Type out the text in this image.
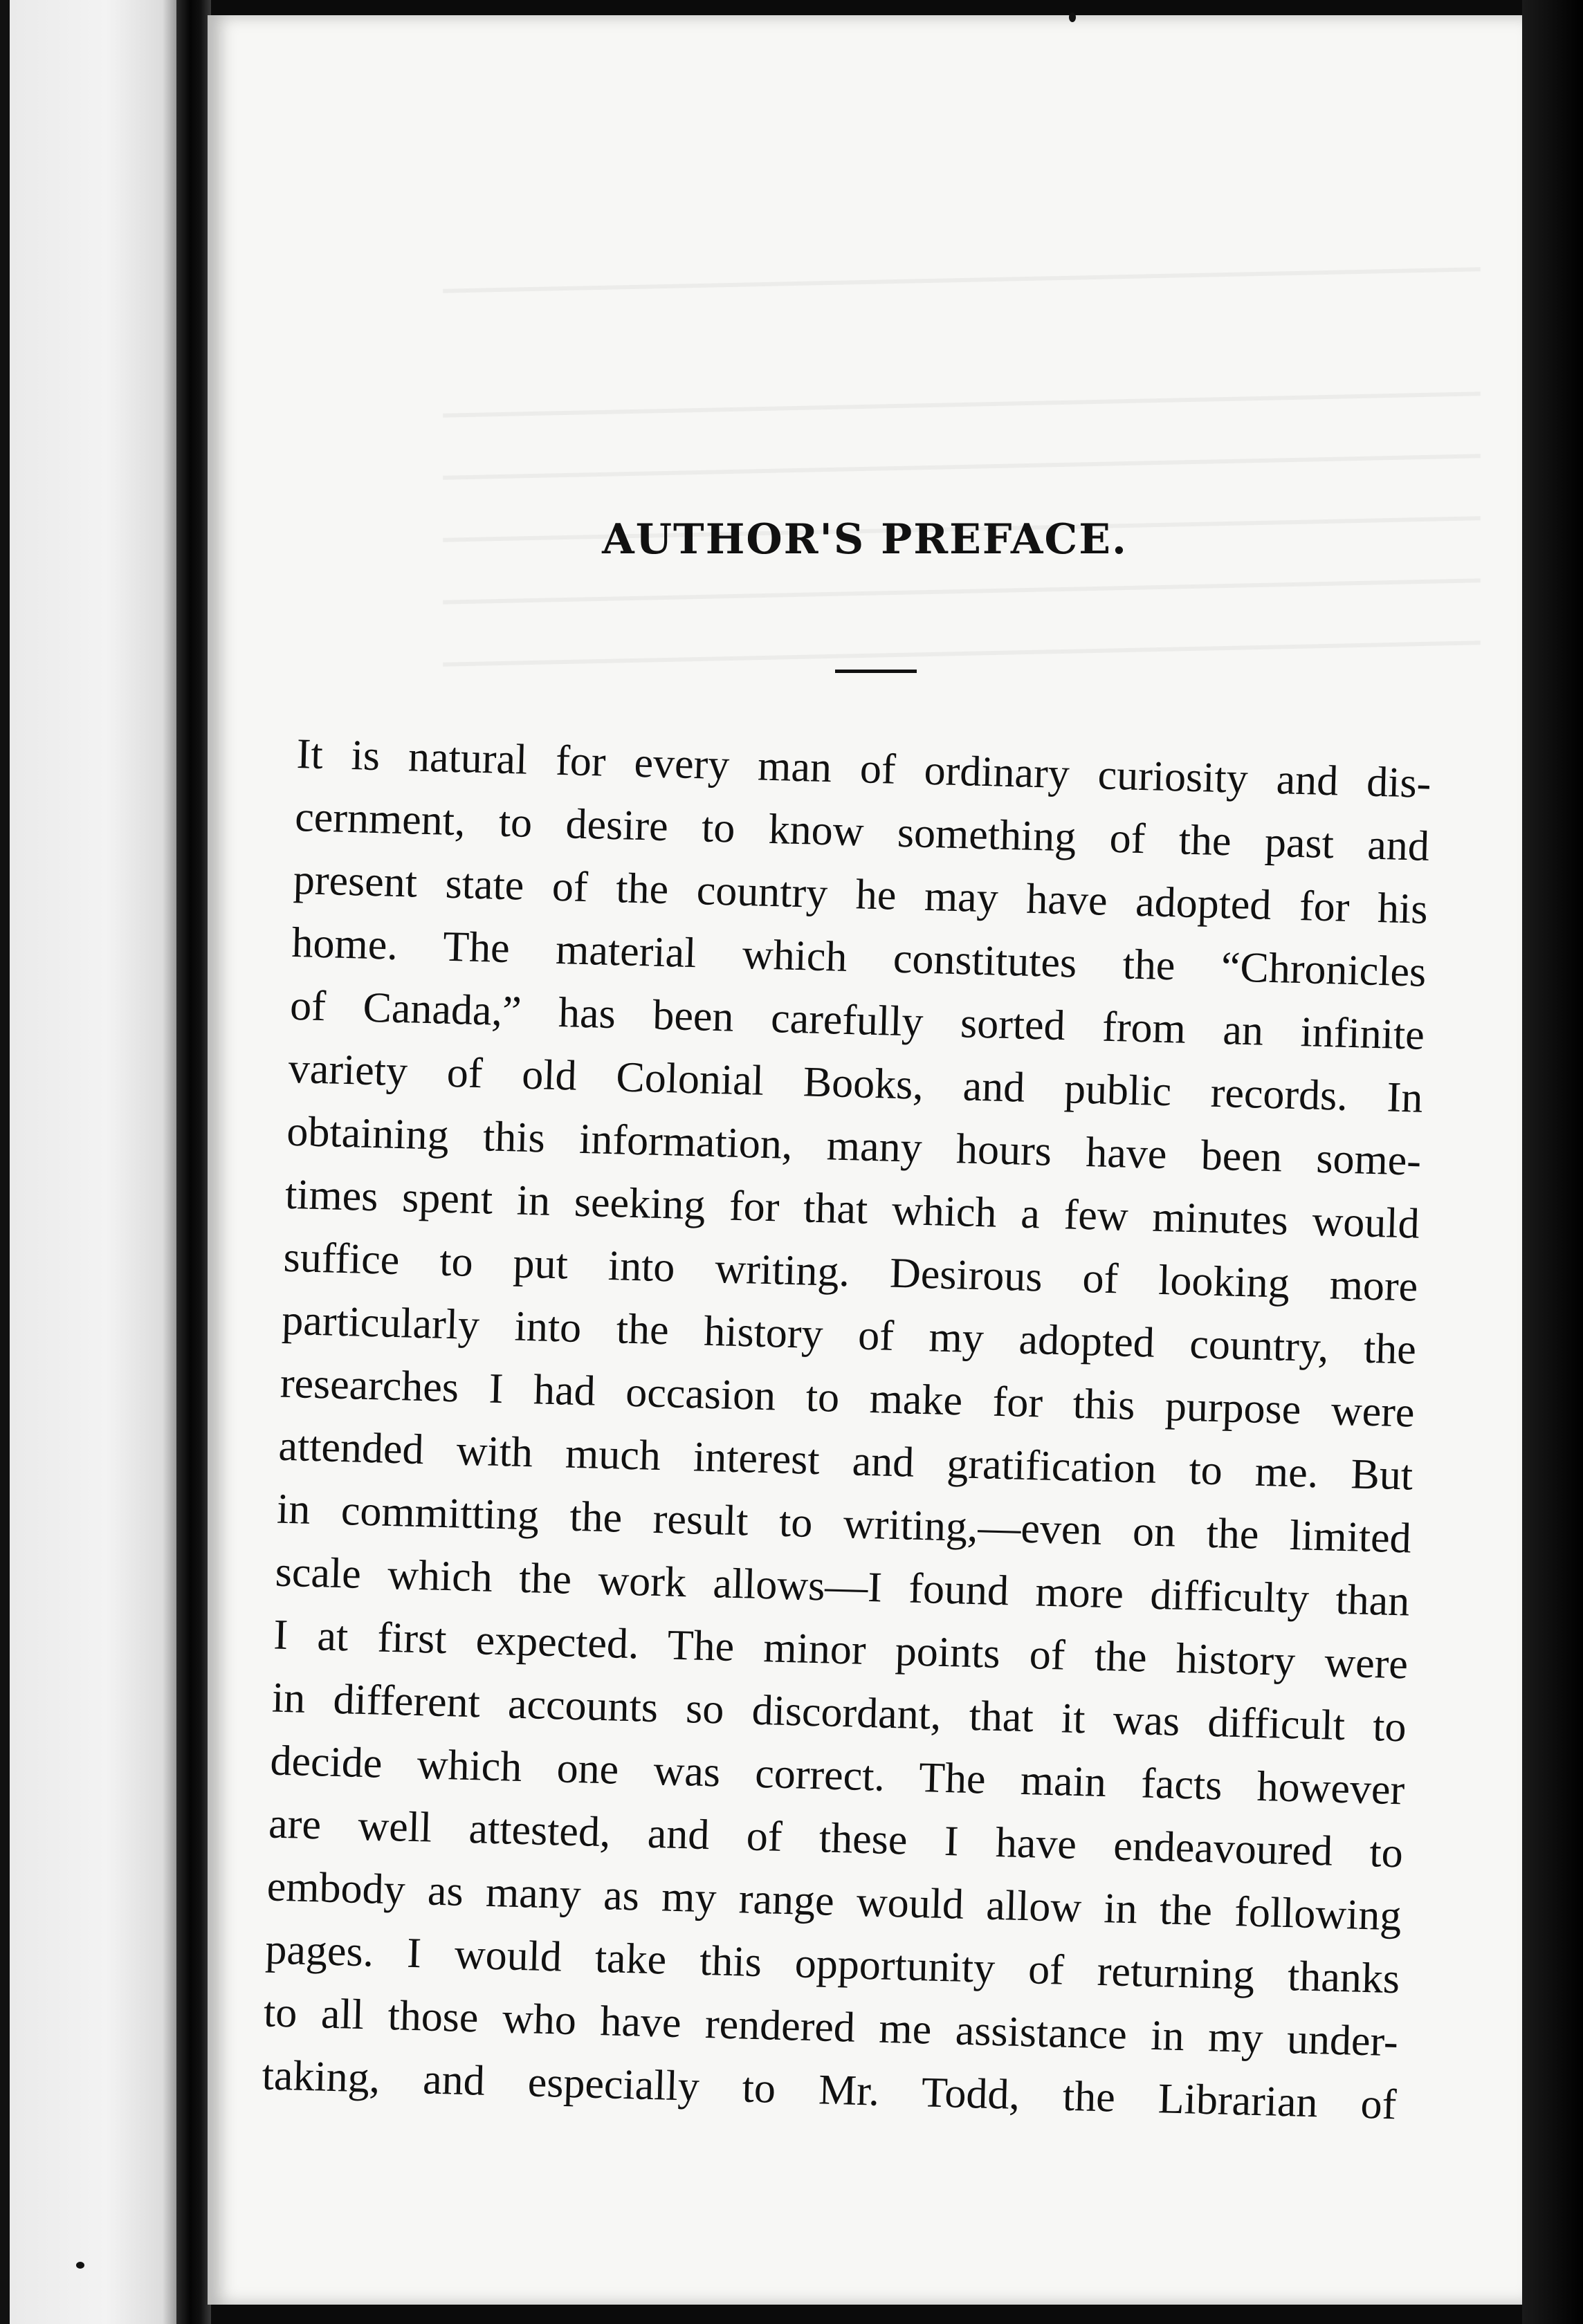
AUTHOR'S PREFACE.
It is natural for every man of ordinary curiosity and dis-
cernment, to desire to know something of the past and
present state of the country he may have adopted for his
home. The material which constitutes the “Chronicles
of Canada,” has been carefully sorted from an infinite
variety of old Colonial Books, and public records. In
obtaining this information, many hours have been some-
times spent in seeking for that which a few minutes would
suffice to put into writing. Desirous of looking more
particularly into the history of my adopted country, the
researches I had occasion to make for this purpose were
attended with much interest and gratification to me. But
in committing the result to writing,—even on the limited
scale which the work allows—I found more difficulty than
I at first expected. The minor points of the history were
in different accounts so discordant, that it was difficult to
decide which one was correct. The main facts however
are well attested, and of these I have endeavoured to
embody as many as my range would allow in the following
pages. I would take this opportunity of returning thanks
to all those who have rendered me assistance in my under-
taking, and especially to Mr. Todd, the Librarian of
